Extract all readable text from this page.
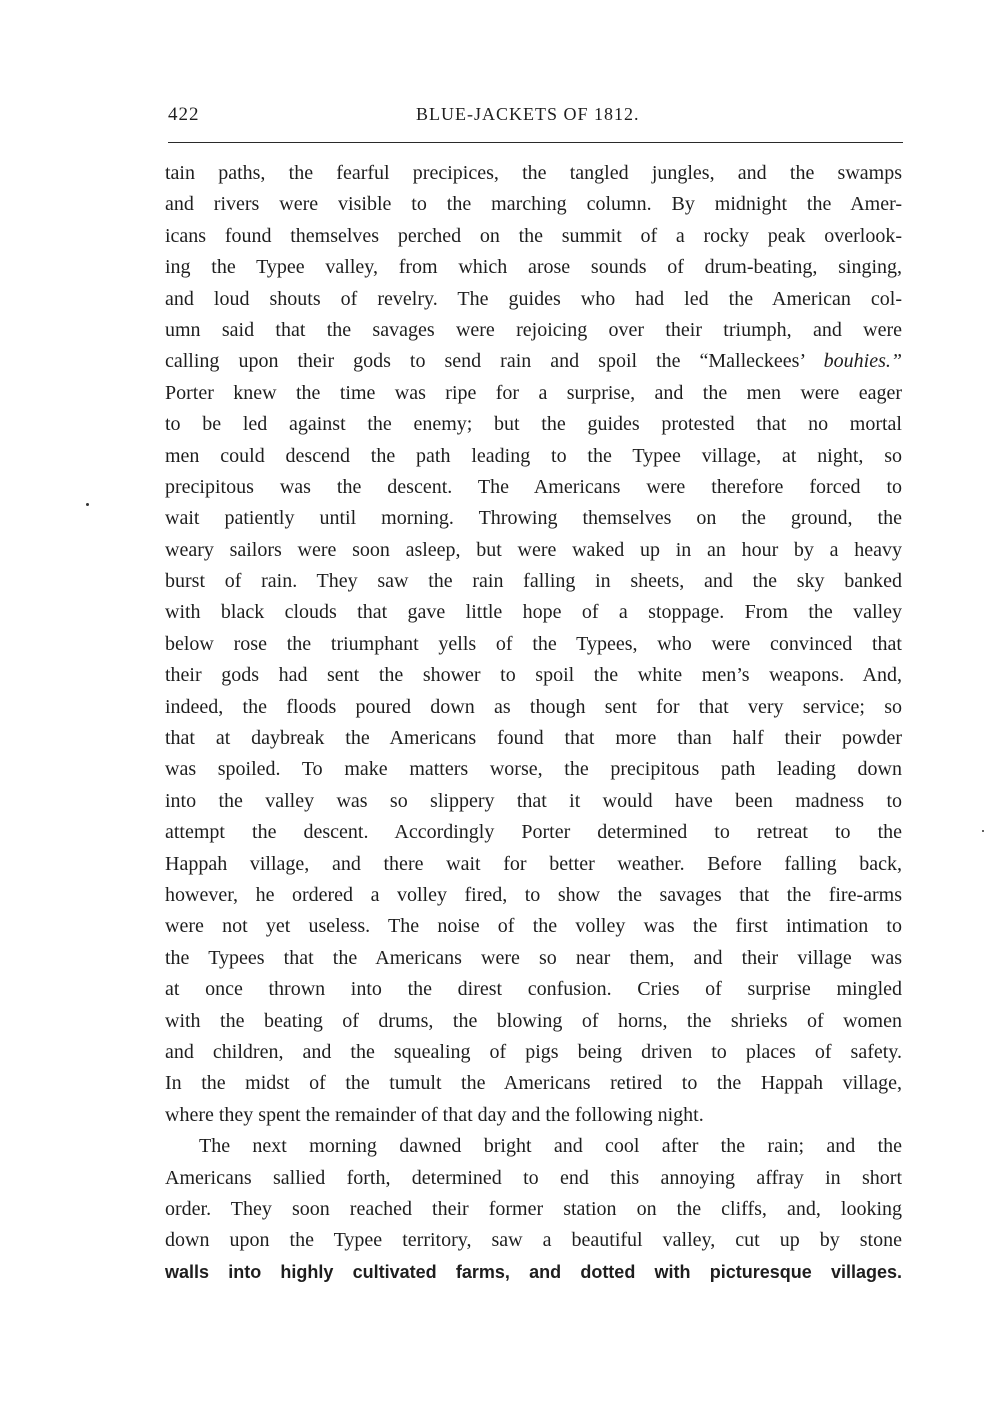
422	BLUE-JACKETS OF 1812.
tain paths, the fearful precipices, the tangled jungles, and the swamps
and rivers were visible to the marching column. By midnight the Amer-
icans found themselves perched on the summit of a rocky peak overlook-
ing the Typee valley, from which arose sounds of drum-beating, singing,
and loud shouts of revelry. The guides who had led the American col-
umn said that the savages were rejoicing over their triumph, and were
calling upon their gods to send rain and spoil the “Malleckees’ bouhies.”
Porter knew the time was ripe for a surprise, and the men were eager
to be led against the enemy; but the guides protested that no mortal
men could descend the path leading to the Typee village, at night, so
precipitous was the descent. The Americans were therefore forced to
wait patiently until morning. Throwing themselves on the ground, the
weary sailors were soon asleep, but were waked up in an hour by a heavy
burst of rain. They saw the rain falling in sheets, and the sky banked
with black clouds that gave little hope of a stoppage. From the valley
below rose the triumphant yells of the Typees, who were convinced that
their gods had sent the shower to spoil the white men’s weapons. And,
indeed, the floods poured down as though sent for that very service; so
that at daybreak the Americans found that more than half their powder
was spoiled. To make matters worse, the precipitous path leading down
into the valley was so slippery that it would have been madness to
attempt the descent. Accordingly Porter determined to retreat to the
Happah village, and there wait for better weather. Before falling back,
however, he ordered a volley fired, to show the savages that the fire-arms
were not yet useless. The noise of the volley was the first intimation to
the Typees that the Americans were so near them, and their village was
at once thrown into the direst confusion. Cries of surprise mingled
with the beating of drums, the blowing of horns, the shrieks of women
and children, and the squealing of pigs being driven to places of safety.
In the midst of the tumult the Americans retired to the Happah village,
where they spent the remainder of that day and the following night.
The next morning dawned bright and cool after the rain; and the
Americans sallied forth, determined to end this annoying affray in short
order. They soon reached their former station on the cliffs, and, looking
down upon the Typee territory, saw a beautiful valley, cut up by stone
walls into highly cultivated farms, and dotted with picturesque villages.
